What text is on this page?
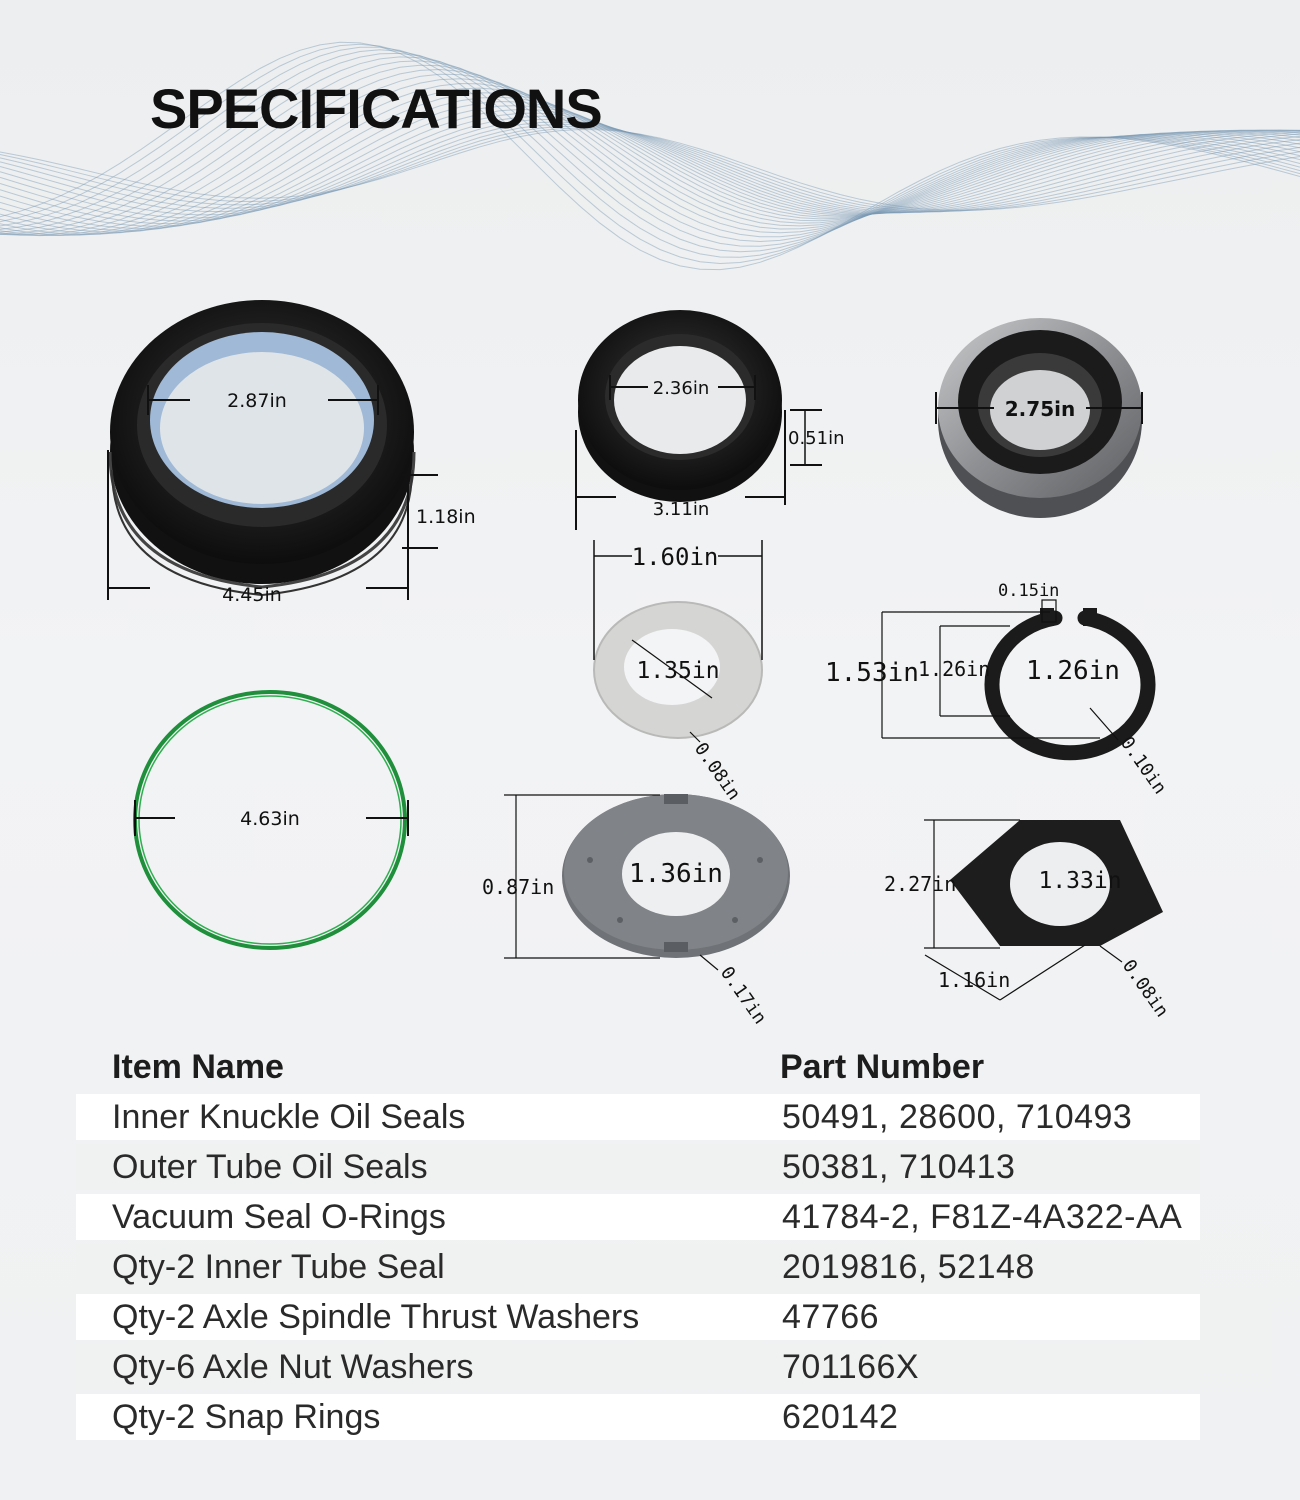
SPECIFICATIONS
2.87in
4.45in
1.18in
2.36in
3.11in
0.51in
2.75in
4.63in
1.60in
1.35in
0.08in
0.15in
1.53in 1.26in 1.26in
0.10in
0.87in	1.36in
0.17in
2.27in	1.33in
1.16in	0.08in
Item Name	Part Number
Inner Knuckle Oil Seals	50491, 28600, 710493
Outer Tube Oil Seals	50381, 710413
Vacuum Seal O-Rings	41784-2, F81Z-4A322-AA
Qty-2 Inner Tube Seal	2019816, 52148
Qty-2 Axle Spindle Thrust Washers	47766
Qty-6 Axle Nut Washers	701166X
Qty-2 Snap Rings	620142
